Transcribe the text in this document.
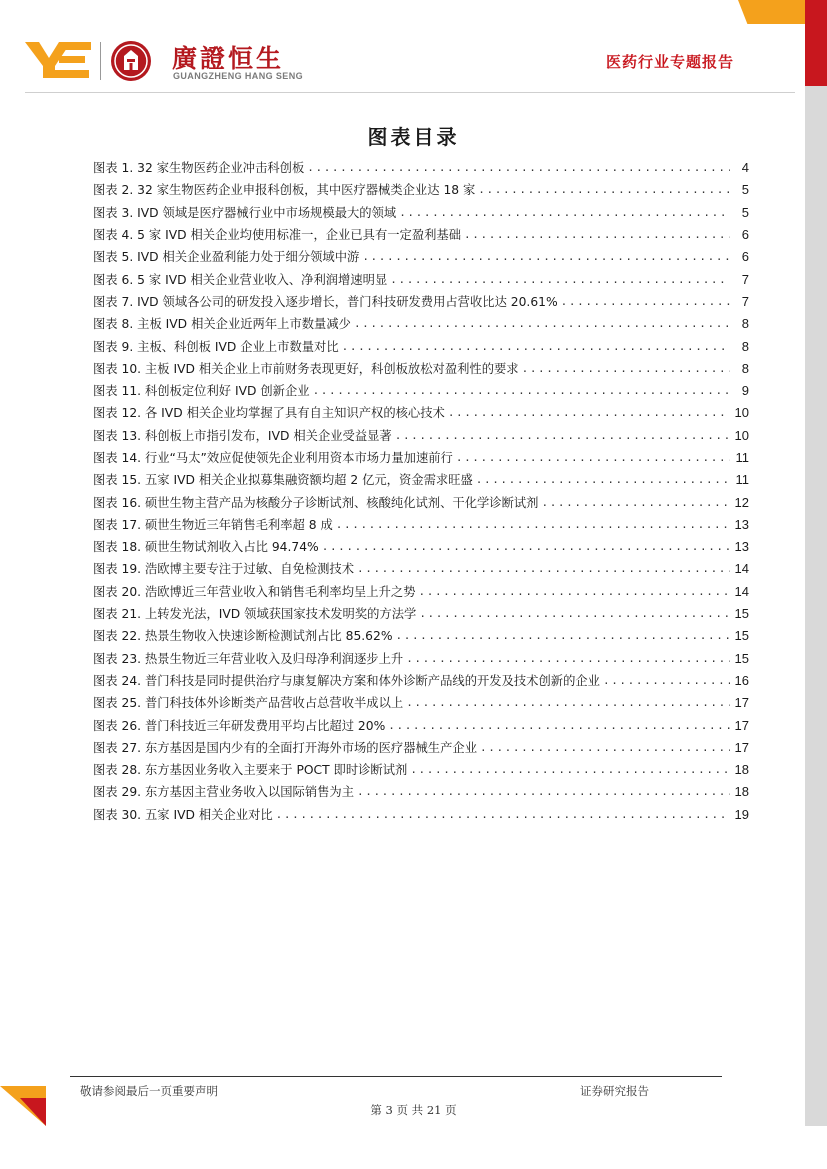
廣證恒生
GUANGZHENG HANG SENG
医药行业专题报告
图表目录
图表 1. 32 家生物医药企业冲击科创板 .....	4
图表 2. 32 家生物医药企业申报科创板，其中医疗器械类企业达 18 家 .....	5
图表 3. IVD 领域是医疗器械行业中市场规模最大的领域 .....	5
图表 4. 5 家 IVD 相关企业均使用标准一，企业已具有一定盈利基础 .....	6
图表 5. IVD 相关企业盈利能力处于细分领域中游 .....	6
图表 6. 5 家 IVD 相关企业营业收入、净利润增速明显 .....	7
图表 7. IVD 领域各公司的研发投入逐步增长，普门科技研发费用占营收比达 20.61% .....	7
图表 8. 主板 IVD 相关企业近两年上市数量减少 .....	8
图表 9. 主板、科创板 IVD 企业上市数量对比 .....	8
图表 10. 主板 IVD 相关企业上市前财务表现更好，科创板放松对盈利性的要求 .....	8
图表 11. 科创板定位利好 IVD 创新企业 .....	9
图表 12. 各 IVD 相关企业均掌握了具有自主知识产权的核心技术 .....	10
图表 13. 科创板上市指引发布，IVD 相关企业受益显著 .....	10
图表 14. 行业“马太”效应促使领先企业利用资本市场力量加速前行 .....	11
图表 15. 五家 IVD 相关企业拟募集融资额均超 2 亿元，资金需求旺盛 .....	11
图表 16. 硕世生物主营产品为核酸分子诊断试剂、核酸纯化试剂、干化学诊断试剂 .....	12
图表 17. 硕世生物近三年销售毛利率超 8 成 .....	13
图表 18. 硕世生物试剂收入占比 94.74% .....	13
图表 19. 浩欧博主要专注于过敏、自免检测技术 .....	14
图表 20. 浩欧博近三年营业收入和销售毛利率均呈上升之势 .....	14
图表 21. 上转发光法，IVD 领域获国家技术发明奖的方法学 .....	15
图表 22. 热景生物收入快速诊断检测试剂占比 85.62% .....	15
图表 23. 热景生物近三年营业收入及归母净利润逐步上升 .....	15
图表 24. 普门科技是同时提供治疗与康复解决方案和体外诊断产品线的开发及技术创新的企业 .....	16
图表 25. 普门科技体外诊断类产品营收占总营收半成以上 .....	17
图表 26. 普门科技近三年研发费用平均占比超过 20% .....	17
图表 27. 东方基因是国内少有的全面打开海外市场的医疗器械生产企业 .....	17
图表 28. 东方基因业务收入主要来于 POCT 即时诊断试剂 .....	18
图表 29. 东方基因主营业务收入以国际销售为主 .....	18
图表 30. 五家 IVD 相关企业对比 .....	19
敬请参阅最后一页重要声明	证券研究报告
第 3 页 共 21 页
